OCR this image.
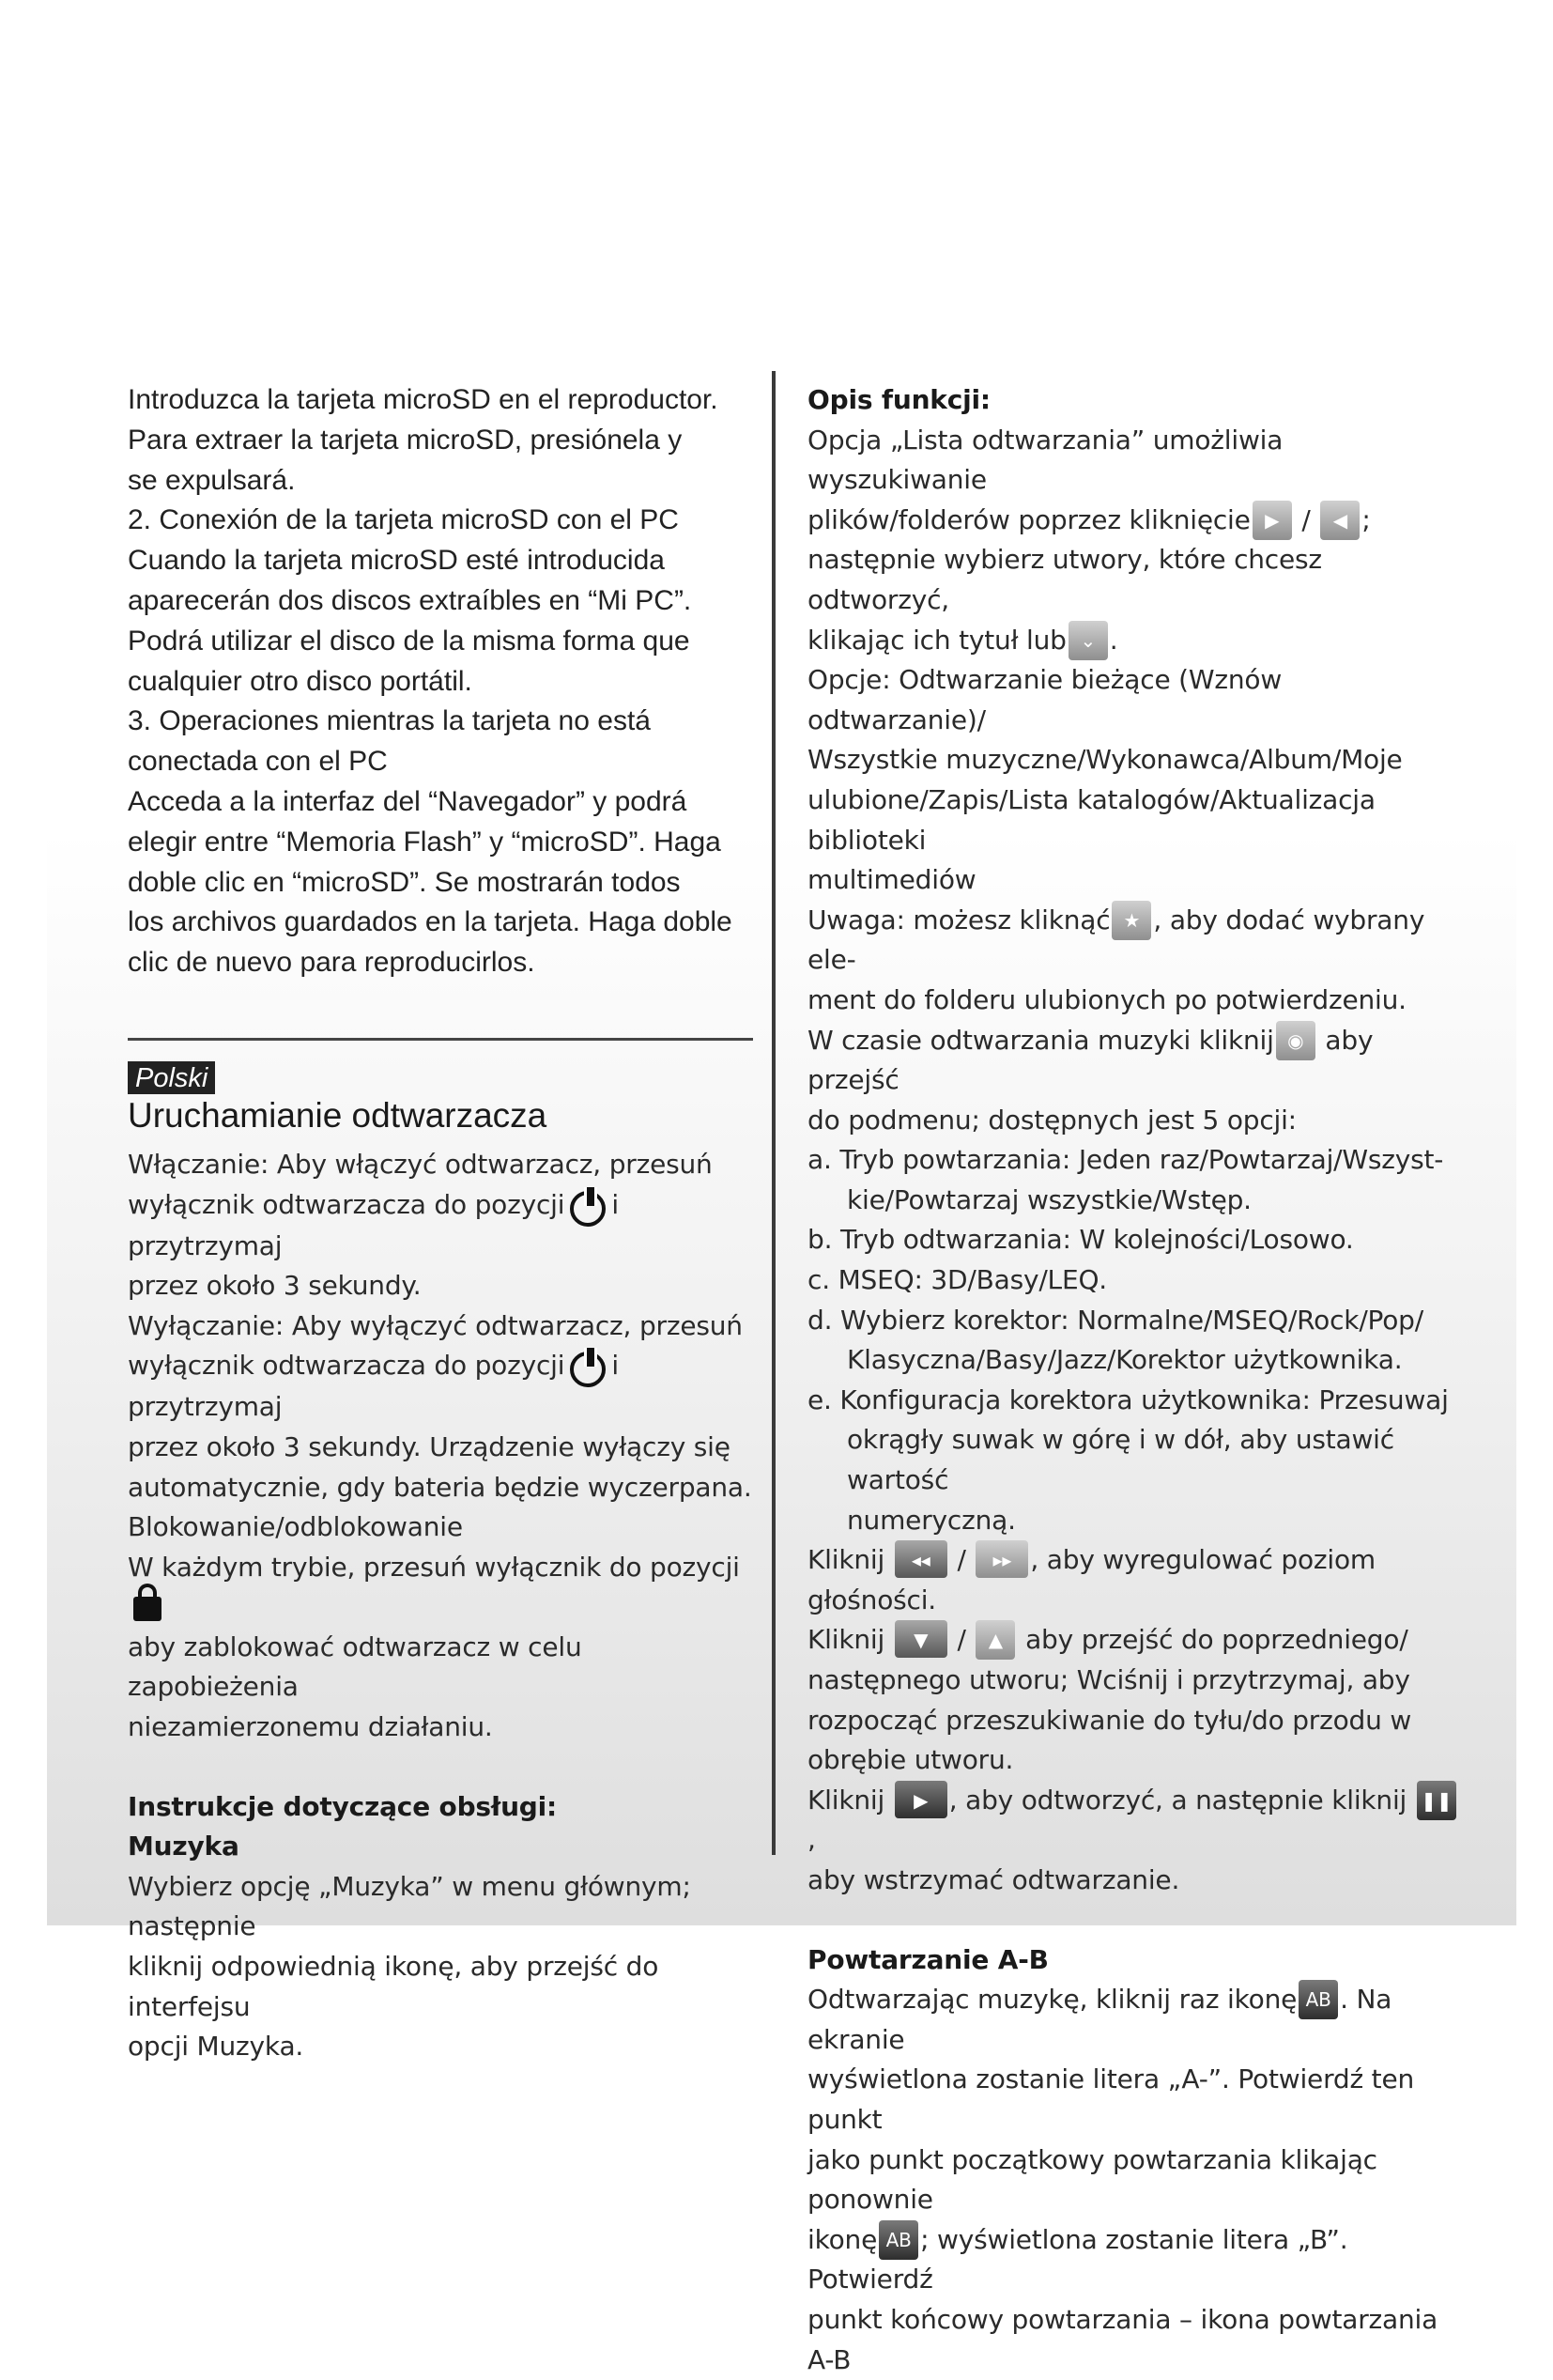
Introduzca la tarjeta microSD en el reproductor.

Para extraer la tarjeta microSD, presiónela y

se expulsará.

2. Conexión de la tarjeta microSD con el PC

Cuando la tarjeta microSD esté introducida

aparecerán dos discos extraíbles en “Mi PC”.

Podrá utilizar el disco de la misma forma que

cualquier otro disco portátil.

3. Operaciones mientras la tarjeta no está

conectada con el PC

Acceda a la interfaz del “Navegador” y podrá

elegir entre “Memoria Flash” y “microSD”. Haga

doble clic en “microSD”. Se mostrarán todos

los archivos guardados en la tarjeta. Haga doble

clic de nuevo para reproducirlos.

Polski
Uruchamianie odtwarzacza

Włączanie: Aby włączyć odtwarzacz, przesuń

wyłącznik odtwarzacza do pozycji i przytrzymaj

przez około 3 sekundy.

Wyłączanie: Aby wyłączyć odtwarzacz, przesuń

wyłącznik odtwarzacza do pozycji i przytrzymaj

przez około 3 sekundy. Urządzenie wyłączy się

automatycznie, gdy bateria będzie wyczerpana.

Blokowanie/odblokowanie

W każdym trybie, przesuń wyłącznik do pozycji

aby zablokować odtwarzacz w celu zapobieżenia

niezamierzonemu działaniu.

Instrukcje dotyczące obsługi:

Muzyka

Wybierz opcję „Muzyka” w menu głównym; następnie

kliknij odpowiednią ikonę, aby przejść do interfejsu

opcji Muzyka.

Opis funkcji:

Opcja „Lista odtwarzania” umożliwia wyszukiwanie

plików/folderów poprzez kliknięcie ▶ /	◀ ;

następnie wybierz utwory, które chcesz odtworzyć,

klikając ich tytuł lub ⌄ .

Opcje: Odtwarzanie bieżące (Wznów odtwarzanie)/

Wszystkie muzyczne/Wykonawca/Album/Moje

ulubione/Zapis/Lista katalogów/Aktualizacja biblioteki

multimediów

Uwaga: możesz kliknąć ★ , aby dodać wybrany ele-

ment do folderu ulubionych po potwierdzeniu.

W czasie odtwarzania muzyki kliknij ◉ aby przejść

do podmenu; dostępnych jest 5 opcji:

a. Tryb powtarzania: Jeden raz/Powtarzaj/Wszyst-

kie/Powtarzaj wszystkie/Wstęp.

b. Tryb odtwarzania: W kolejności/Losowo.

c. MSEQ: 3D/Basy/LEQ.

d. Wybierz korektor: Normalne/MSEQ/Rock/Pop/

Klasyczna/Basy/Jazz/Korektor użytkownika.

e. Konfiguracja korektora użytkownika: Przesuwaj

okrągły suwak w górę i w dół, aby ustawić wartość

numeryczną.

Kliknij	◂◂	/	▸▸ , aby wyregulować poziom głośności.

Kliknij	▼	/	▲ aby przejść do poprzedniego/

następnego utworu; Wciśnij i przytrzymaj, aby

rozpocząć przeszukiwanie do tyłu/do przodu w

obrębie utworu.

Kliknij	▶ , aby odtworzyć, a następnie kliknij ❚❚
,

aby wstrzymać odtwarzanie.

Powtarzanie A-B

Odtwarzając muzykę, kliknij raz ikonę AB . Na ekranie

wyświetlona zostanie litera „A-”. Potwierdź ten punkt

jako punkt początkowy powtarzania klikając ponownie

ikonę AB ; wyświetlona zostanie litera „B”. Potwierdź

punkt końcowy powtarzania – ikona powtarzania A-B
